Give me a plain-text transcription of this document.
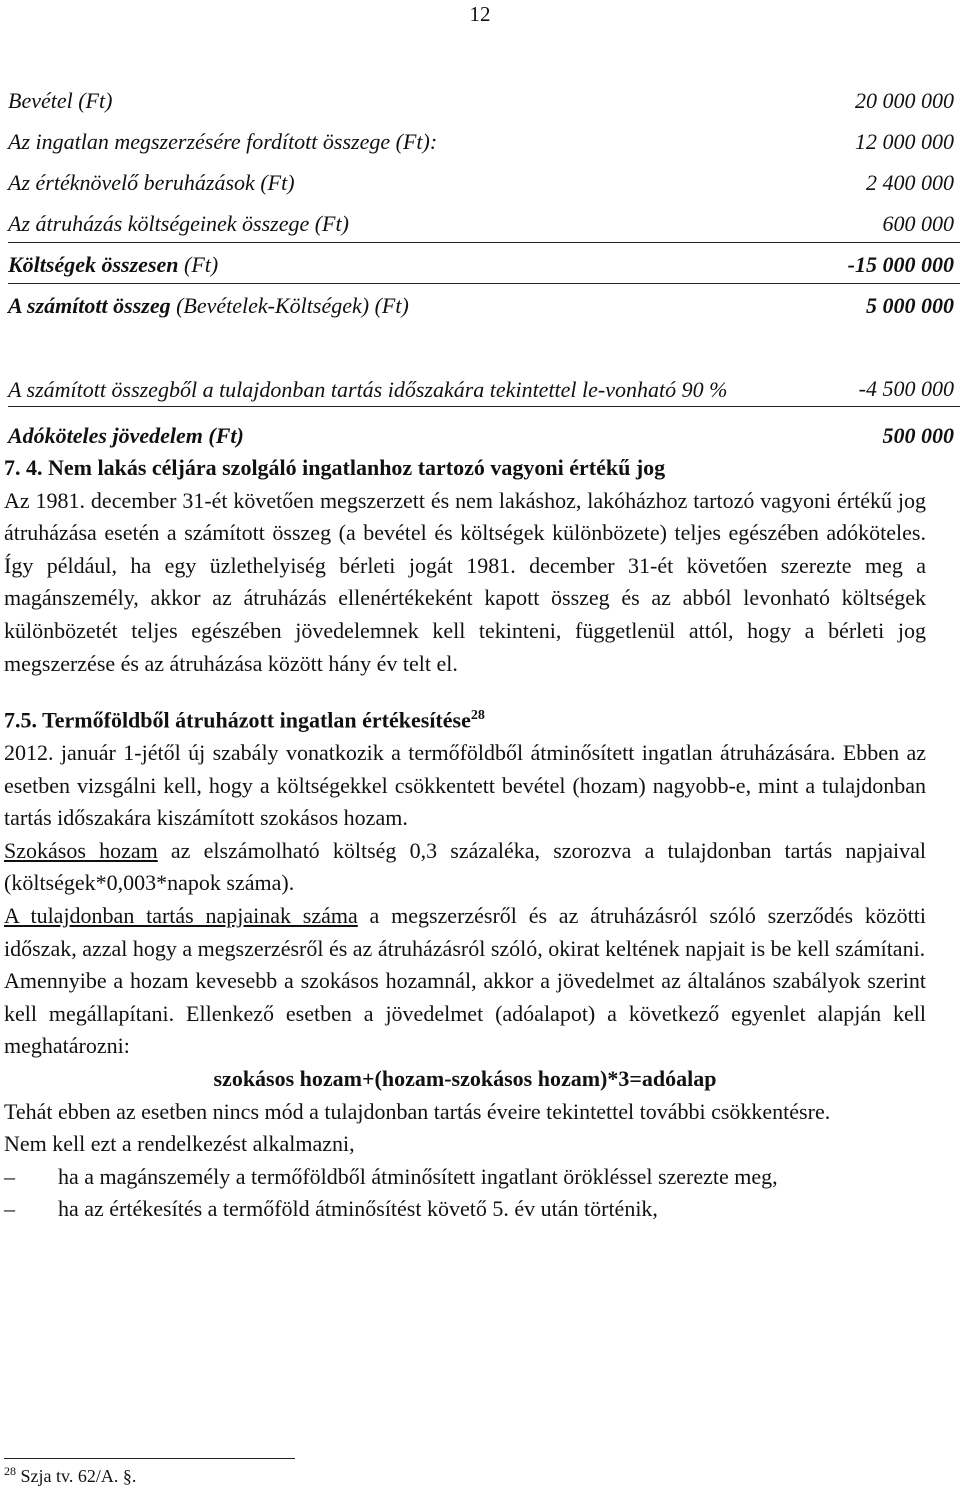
12
Bevétel (Ft)	20 000 000
Az ingatlan megszerzésére fordított összege (Ft):	12 000 000
Az értéknövelő beruházások (Ft)	2 400 000
Az átruházás költségeinek összege (Ft)	600 000
Költségek összesen (Ft)	-15 000 000
A számított összeg (Bevételek-Költségek) (Ft)	5 000 000
A számított összegből a tulajdonban tartás időszakára tekintettel le-vonható 90 %	-4 500 000
Adóköteles jövedelem (Ft)	500 000

7. 4. Nem lakás céljára szolgáló ingatlanhoz tartozó vagyoni értékű jog

Az 1981. december 31-ét követően megszerzett és nem lakáshoz, lakóházhoz tartozó vagyoni értékű jog átruházása esetén a számított összeg (a bevétel és költségek különbözete) teljes egészében adóköteles. Így például, ha egy üzlethelyiség bérleti jogát 1981. december 31-ét követően szerezte meg a magánszemély, akkor az átruházás ellenértékeként kapott összeg és az abból levonható költségek különbözetét teljes egészében jövedelemnek kell tekinteni, függetlenül attól, hogy a bérleti jog megszerzése és az átruházása között hány év telt el.

7.5. Termőföldből átruházott ingatlan értékesítése$^{28}$

2012. január 1-jétől új szabály vonatkozik a termőföldből átminősített ingatlan átruházására. Ebben az esetben vizsgálni kell, hogy a költségekkel csökkentett bevétel (hozam) nagyobb-e, mint a tulajdonban tartás időszakára kiszámított szokásos hozam.

Szokásos hozam az elszámolható költség 0,3 százaléka, szorozva a tulajdonban tartás napjaival (költségek*0,003*napok száma).

A tulajdonban tartás napjainak száma a megszerzésről és az átruházásról szóló szerződés közötti időszak, azzal hogy a megszerzésről és az átruházásról szóló, okirat keltének napjait is be kell számítani.

Amennyibe a hozam kevesebb a szokásos hozamnál, akkor a jövedelmet az általános szabályok szerint kell megállapítani. Ellenkező esetben a jövedelmet (adóalapot) a következő egyenlet alapján kell meghatározni:

szokásos hozam+(hozam-szokásos hozam)*3=adóalap

Tehát ebben az esetben nincs mód a tulajdonban tartás éveire tekintettel további csökkentésre.

Nem kell ezt a rendelkezést alkalmazni,

–	ha a magánszemély a termőföldből átminősített ingatlant örökléssel szerezte meg,
–	ha az értékesítés a termőföld átminősítést követő 5. év után történik,
$^{28}$ Szja tv. 62/A. §.
